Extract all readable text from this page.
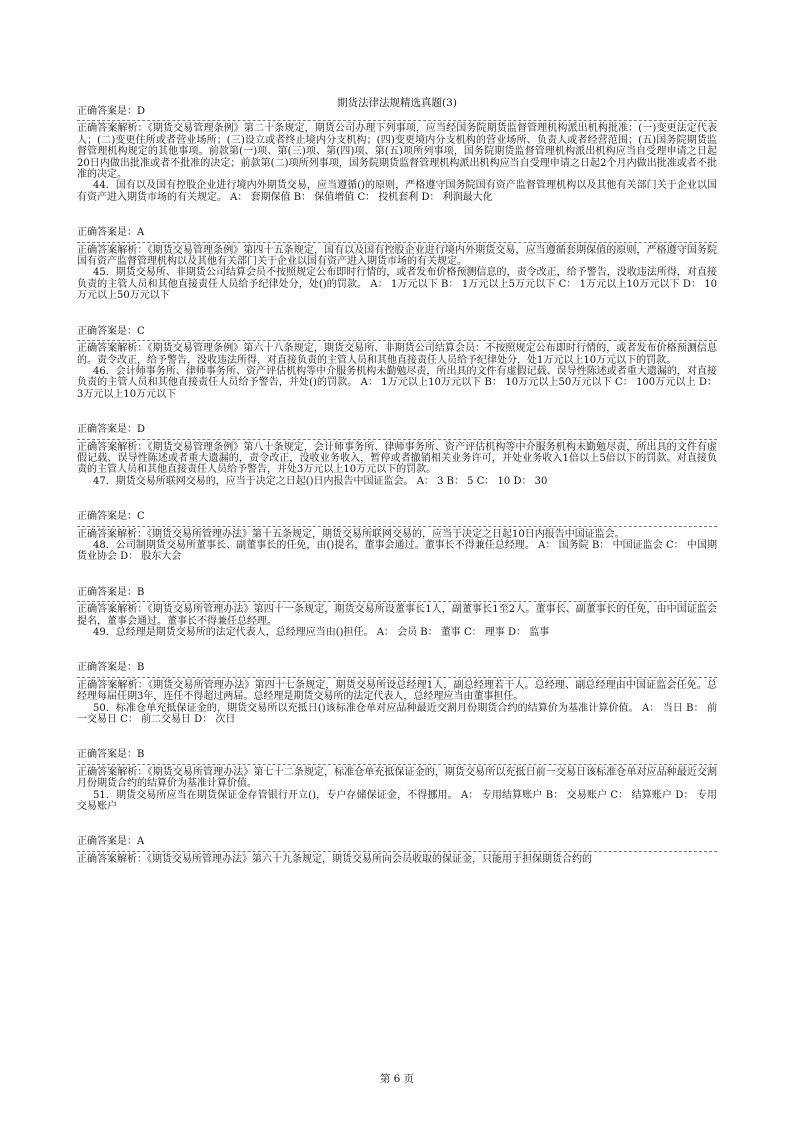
期货法律法规精选真题(3)

正确答案是：D

正确答案解析：《期货交易管理条例》第二十条规定，期货公司办理下列事项，应当经国务院期货监督管理机构派出机构批准：(一)变更法定代表人；(二)变更住所或者营业场所；(三)设立或者终止境内分支机构；(四)变更境内分支机构的营业场所、负责人或者经营范围；(五)国务院期货监督管理机构规定的其他事项。前款第(一)项、第(三)项、第(四)项、第(五)项所列事项，国务院期货监督管理机构派出机构应当自受理申请之日起20日内做出批准或者不批准的决定；前款第(二)项所列事项，国务院期货监督管理机构派出机构应当自受理申请之日起2个月内做出批准或者不批准的决定。

44．国有以及国有控股企业进行境内外期货交易，应当遵循()的原则，严格遵守国务院国有资产监督管理机构以及其他有关部门关于企业以国有资产进入期货市场的有关规定。 A： 套期保值 B： 保值增值 C： 投机套利 D： 利润最大化

正确答案是：A

正确答案解析：《期货交易管理条例》第四十五条规定，国有以及国有控股企业进行境内外期货交易，应当遵循套期保值的原则，严格遵守国务院国有资产监督管理机构以及其他有关部门关于企业以国有资产进入期货市场的有关规定。

45．期货交易所、非期货公司结算会员不按照规定公布即时行情的，或者发布价格预测信息的，责令改正，给予警告，没收违法所得，对直接负责的主管人员和其他直接责任人员给予纪律处分，处()的罚款。 A： 1万元以下 B： 1万元以上5万元以下 C： 1万元以上10万元以下 D： 10万元以上50万元以下

正确答案是：C

正确答案解析：《期货交易管理条例》第六十八条规定，期货交易所、非期货公司结算会员：不按照规定公布即时行情的，或者发布价格预测信息的。责令改正，给予警告，没收违法所得，对直接负责的主管人员和其他直接责任人员给予纪律处分，处1万元以上10万元以下的罚款。

46．会计师事务所、律师事务所、资产评估机构等中介服务机构未勤勉尽责，所出具的文件有虚假记载、误导性陈述或者重大遗漏的，对直接负责的主管人员和其他直接责任人员给予警告，并处()的罚款。 A： 1万元以上10万元以下 B： 10万元以上50万元以下 C： 100万元以上 D： 3万元以上10万元以下

正确答案是：D

正确答案解析：《期货交易管理条例》第八十条规定，会计师事务所、律师事务所、资产评估机构等中介服务机构未勤勉尽责，所出具的文件有虚假记载、误导性陈述或者重大遗漏的，责令改正，没收业务收入，暂停或者撤销相关业务许可，并处业务收入1倍以上5倍以下的罚款。对直接负责的主管人员和其他直接责任人员给予警告，并处3万元以上10万元以下的罚款。

47．期货交易所联网交易的，应当于决定之日起()日内报告中国证监会。 A： 3 B： 5 C： 10 D： 30

正确答案是：C

正确答案解析：《期货交易所管理办法》第十五条规定，期货交易所联网交易的，应当于决定之日起10日内报告中国证监会。

48．公司制期货交易所董事长、副董事长的任免，由()提名，董事会通过。董事长不得兼任总经理。 A： 国务院 B： 中国证监会 C： 中国期货业协会 D： 股东大会

正确答案是：B

正确答案解析：《期货交易所管理办法》第四十一条规定，期货交易所设董事长1人，副董事长1至2人。董事长、副董事长的任免，由中国证监会提名，董事会通过。董事长不得兼任总经理。

49．总经理是期货交易所的法定代表人，总经理应当由()担任。 A： 会员 B： 董事 C： 理事 D： 监事

正确答案是：B

正确答案解析：《期货交易所管理办法》第四十七条规定，期货交易所设总经理1人，副总经理若干人。总经理、副总经理由中国证监会任免。总经理每届任期3年，连任不得超过两届。总经理是期货交易所的法定代表人，总经理应当由董事担任。

50．标准仓单充抵保证金的，期货交易所以充抵日()该标准仓单对应品种最近交割月份期货合约的结算价为基准计算价值。 A： 当日 B： 前一交易日 C： 前二交易日 D： 次日

正确答案是：B

正确答案解析：《期货交易所管理办法》第七十二条规定，标准仓单充抵保证金的，期货交易所以充抵日前一交易日该标准仓单对应品种最近交割月份期货合约的结算价为基准计算价值。

51．期货交易所应当在期货保证金存管银行开立()，专户存储保证金，不得挪用。 A： 专用结算账户 B： 交易账户 C： 结算账户 D： 专用交易账户

正确答案是：A

正确答案解析：《期货交易所管理办法》第六十九条规定，期货交易所向会员收取的保证金，只能用于担保期货合约的

第 6 页
